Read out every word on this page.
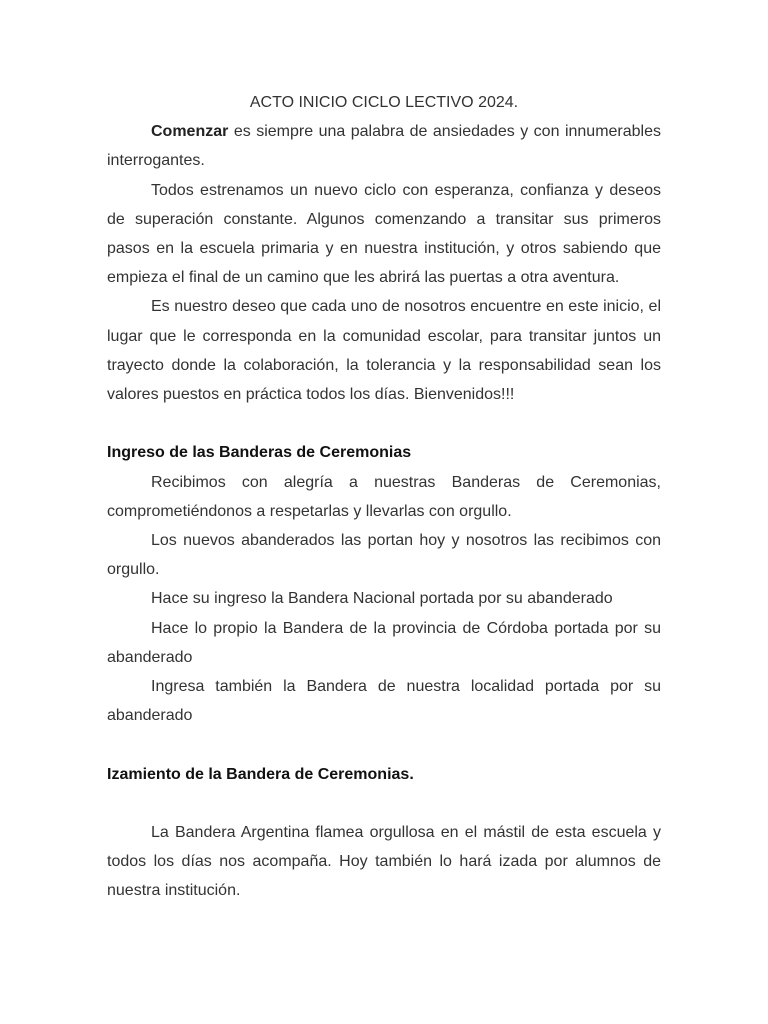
ACTO INICIO CICLO LECTIVO 2024.

Comenzar es siempre una palabra de ansiedades y con innumerables interrogantes.

Todos estrenamos un nuevo ciclo con esperanza, confianza y deseos de superación constante. Algunos comenzando a transitar sus primeros pasos en la escuela primaria y en nuestra institución, y otros sabiendo que empieza el final de un camino que les abrirá las puertas a otra aventura.

Es nuestro deseo que cada uno de nosotros encuentre en este inicio, el lugar que le corresponda en la comunidad escolar, para transitar juntos un trayecto donde la colaboración, la tolerancia y la responsabilidad sean los valores puestos en práctica todos los días. Bienvenidos!!!

Ingreso de las Banderas de Ceremonias

Recibimos con alegría a nuestras Banderas de Ceremonias, comprometiéndonos a respetarlas y llevarlas con orgullo.

Los nuevos abanderados las portan hoy y nosotros las recibimos con orgullo.

Hace su ingreso la Bandera Nacional portada por su abanderado

Hace lo propio la Bandera de la provincia de Córdoba portada por su abanderado

Ingresa también la Bandera de nuestra localidad portada por su abanderado

Izamiento de la Bandera de Ceremonias.

La Bandera Argentina flamea orgullosa en el mástil de esta escuela y todos los días nos acompaña. Hoy también lo hará izada por alumnos de nuestra institución.
